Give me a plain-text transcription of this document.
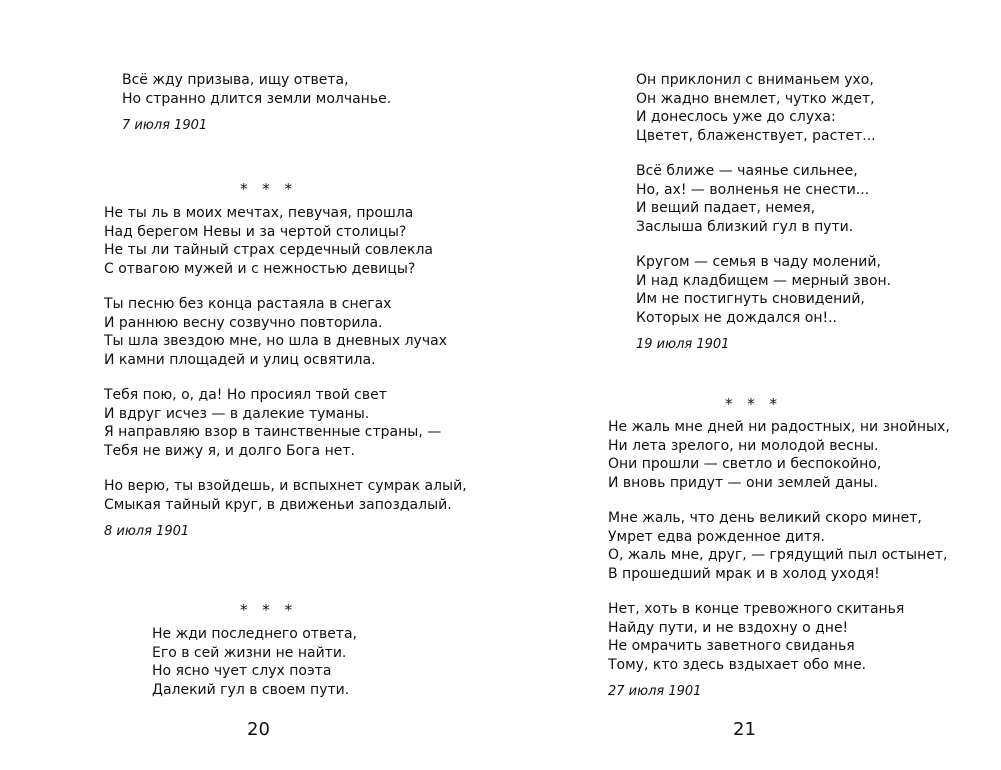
Всё жду призыва, ищу ответа,
Но странно длится земли молчанье.
7 июля 1901
* * *
Не ты ль в моих мечтах, певучая, прошла
Над берегом Невы и за чертой столицы?
Не ты ли тайный страх сердечный совлекла
С отвагою мужей и с нежностью девицы?
Ты песню без конца растаяла в снегах
И раннюю весну созвучно повторила.
Ты шла звездою мне, но шла в дневных лучах
И камни площадей и улиц освятила.
Тебя пою, о, да! Но просиял твой свет
И вдруг исчез — в далекие туманы.
Я направляю взор в таинственные страны, —
Тебя не вижу я, и долго Бога нет.
Но верю, ты взойдешь, и вспыхнет сумрак алый,
Смыкая тайный круг, в движеньи запоздалый.
8 июля 1901
* * *
Не жди последнего ответа,
Его в сей жизни не найти.
Но ясно чует слух поэта
Далекий гул в своем пути.
20
Он приклонил с вниманьем ухо,
Он жадно внемлет, чутко ждет,
И донеслось уже до слуха:
Цветет, блаженствует, растет...
Всё ближе — чаянье сильнее,
Но, ах! — волненья не снести...
И вещий падает, немея,
Заслыша близкий гул в пути.
Кругом — семья в чаду молений,
И над кладбищем — мерный звон.
Им не постигнуть сновидений,
Которых не дождался он!..
19 июля 1901
* * *
Не жаль мне дней ни радостных, ни знойных,
Ни лета зрелого, ни молодой весны.
Они прошли — светло и беспокойно,
И вновь придут — они землей даны.
Мне жаль, что день великий скоро минет,
Умрет едва рожденное дитя.
О, жаль мне, друг, — грядущий пыл остынет,
В прошедший мрак и в холод уходя!
Нет, хоть в конце тревожного скитанья
Найду пути, и не вздохну о дне!
Не омрачить заветного свиданья
Тому, кто здесь вздыхает обо мне.
27 июля 1901
21
